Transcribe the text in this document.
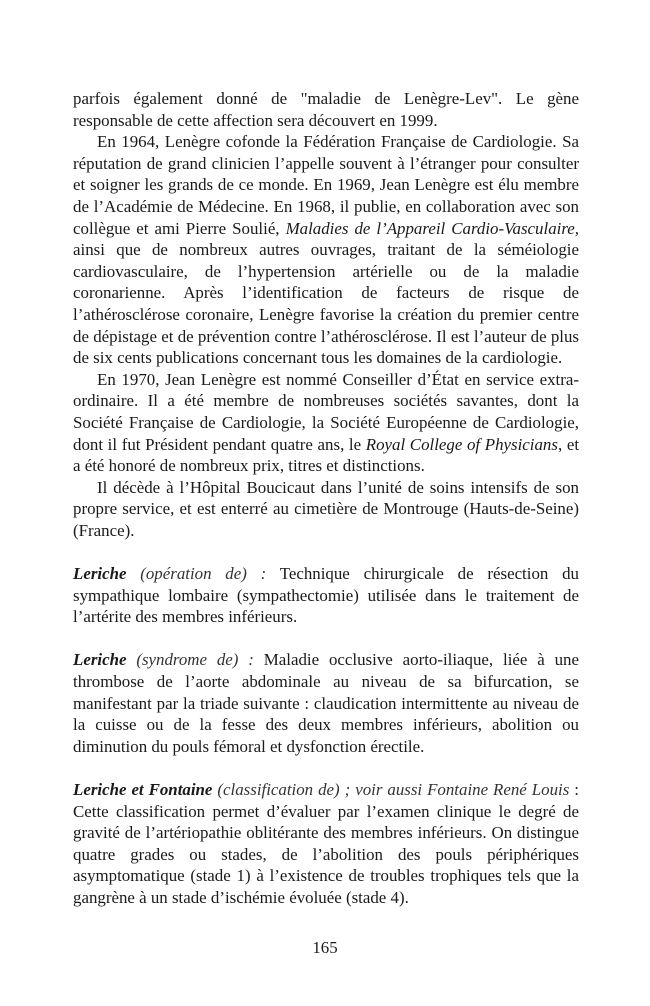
parfois également donné de "maladie de Lenègre-Lev". Le gène responsable de cette affection sera découvert en 1999.

En 1964, Lenègre cofonde la Fédération Française de Cardiologie. Sa réputation de grand clinicien l’appelle souvent à l’étranger pour consulter et soigner les grands de ce monde. En 1969, Jean Lenègre est élu membre de l’Académie de Médecine. En 1968, il publie, en collaboration avec son collègue et ami Pierre Soulié, Maladies de l’Appareil Cardio-Vasculaire, ainsi que de nombreux autres ouvrages, traitant de la séméiologie cardiovasculaire, de l’hypertension artérielle ou de la maladie coronarienne. Après l’identification de facteurs de risque de l’athérosclérose coronaire, Lenègre favorise la création du premier centre de dépistage et de prévention contre l’athérosclérose. Il est l’auteur de plus de six cents publications concernant tous les domaines de la cardiologie.

En 1970, Jean Lenègre est nommé Conseiller d’État en service extra-ordinaire. Il a été membre de nombreuses sociétés savantes, dont la Société Française de Cardiologie, la Société Européenne de Cardiologie, dont il fut Président pendant quatre ans, le Royal College of Physicians, et a été honoré de nombreux prix, titres et distinctions.

Il décède à l’Hôpital Boucicaut dans l’unité de soins intensifs de son propre service, et est enterré au cimetière de Montrouge (Hauts-de-Seine) (France).

Leriche (opération de) : Technique chirurgicale de résection du sympathique lombaire (sympathectomie) utilisée dans le traitement de l’artérite des membres inférieurs.

Leriche (syndrome de) : Maladie occlusive aorto-iliaque, liée à une thrombose de l’aorte abdominale au niveau de sa bifurcation, se manifestant par la triade suivante : claudication intermittente au niveau de la cuisse ou de la fesse des deux membres inférieurs, abolition ou diminution du pouls fémoral et dysfonction érectile.

Leriche et Fontaine (classification de) ; voir aussi Fontaine René Louis : Cette classification permet d’évaluer par l’examen clinique le degré de gravité de l’artériopathie oblitérante des membres inférieurs. On distingue quatre grades ou stades, de l’abolition des pouls périphériques asymptomatique (stade 1) à l’existence de troubles trophiques tels que la gangrène à un stade d’ischémie évoluée (stade 4).

165
